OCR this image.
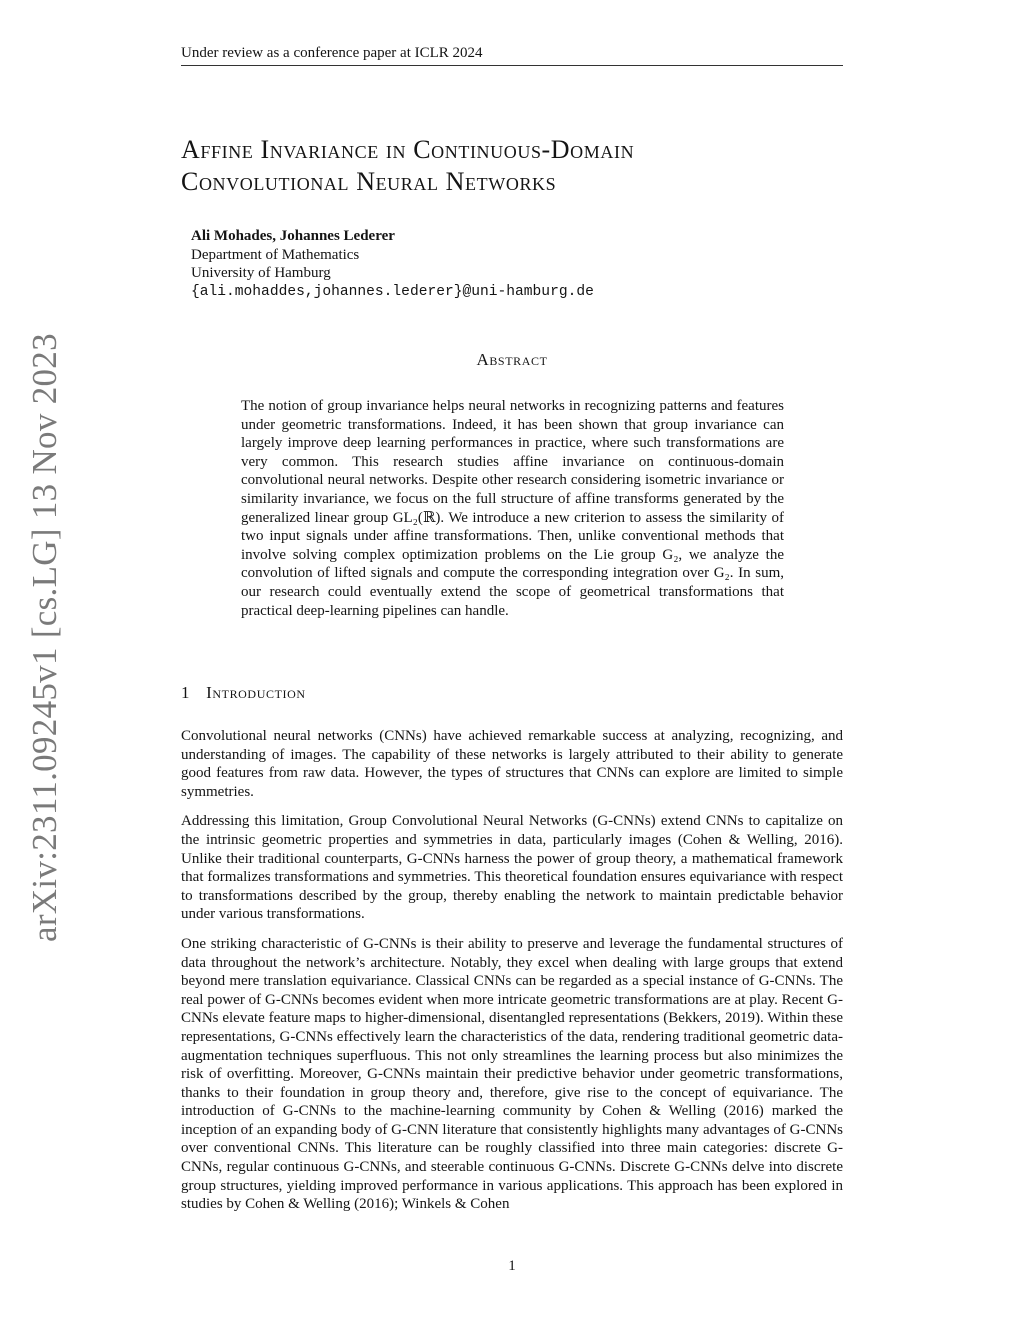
Under review as a conference paper at ICLR 2024
Affine Invariance in Continuous-Domain
Convolutional Neural Networks
Ali Mohades, Johannes Lederer
Department of Mathematics
University of Hamburg
{ali.mohaddes,johannes.lederer}@uni-hamburg.de
Abstract
The notion of group invariance helps neural networks in recognizing patterns and features under geometric transformations. Indeed, it has been shown that group invariance can largely improve deep learning performances in practice, where such transformations are very common. This research studies affine invariance on continuous-domain convolutional neural networks. Despite other research considering isometric invariance or similarity invariance, we focus on the full structure of affine transforms generated by the generalized linear group GL₂(ℝ). We introduce a new criterion to assess the similarity of two input signals under affine transformations. Then, unlike conventional methods that involve solving complex optimization problems on the Lie group G₂, we analyze the convolution of lifted signals and compute the corresponding integration over G₂. In sum, our research could eventually extend the scope of geometrical transformations that practical deep-learning pipelines can handle.
1 Introduction

Convolutional neural networks (CNNs) have achieved remarkable success at analyzing, recognizing, and understanding of images. The capability of these networks is largely attributed to their ability to generate good features from raw data. However, the types of structures that CNNs can explore are limited to simple symmetries.

Addressing this limitation, Group Convolutional Neural Networks (G-CNNs) extend CNNs to capitalize on the intrinsic geometric properties and symmetries in data, particularly images (Cohen & Welling, 2016). Unlike their traditional counterparts, G-CNNs harness the power of group theory, a mathematical framework that formalizes transformations and symmetries. This theoretical foundation ensures equivariance with respect to transformations described by the group, thereby enabling the network to maintain predictable behavior under various transformations.

One striking characteristic of G-CNNs is their ability to preserve and leverage the fundamental structures of data throughout the network’s architecture. Notably, they excel when dealing with large groups that extend beyond mere translation equivariance. Classical CNNs can be regarded as a special instance of G-CNNs. The real power of G-CNNs becomes evident when more intricate geometric transformations are at play. Recent G-CNNs elevate feature maps to higher-dimensional, disentangled representations (Bekkers, 2019). Within these representations, G-CNNs effectively learn the characteristics of the data, rendering traditional geometric data-augmentation techniques superfluous. This not only streamlines the learning process but also minimizes the risk of overfitting. Moreover, G-CNNs maintain their predictive behavior under geometric transformations, thanks to their foundation in group theory and, therefore, give rise to the concept of equivariance. The introduction of G-CNNs to the machine-learning community by Cohen & Welling (2016) marked the inception of an expanding body of G-CNN literature that consistently highlights many advantages of G-CNNs over conventional CNNs. This literature can be roughly classified into three main categories: discrete G-CNNs, regular continuous G-CNNs, and steerable continuous G-CNNs. Discrete G-CNNs delve into discrete group structures, yielding improved performance in various applications. This approach has been explored in studies by Cohen & Welling (2016); Winkels & Cohen

arXiv:2311.09245v1 [cs.LG] 13 Nov 2023
1
